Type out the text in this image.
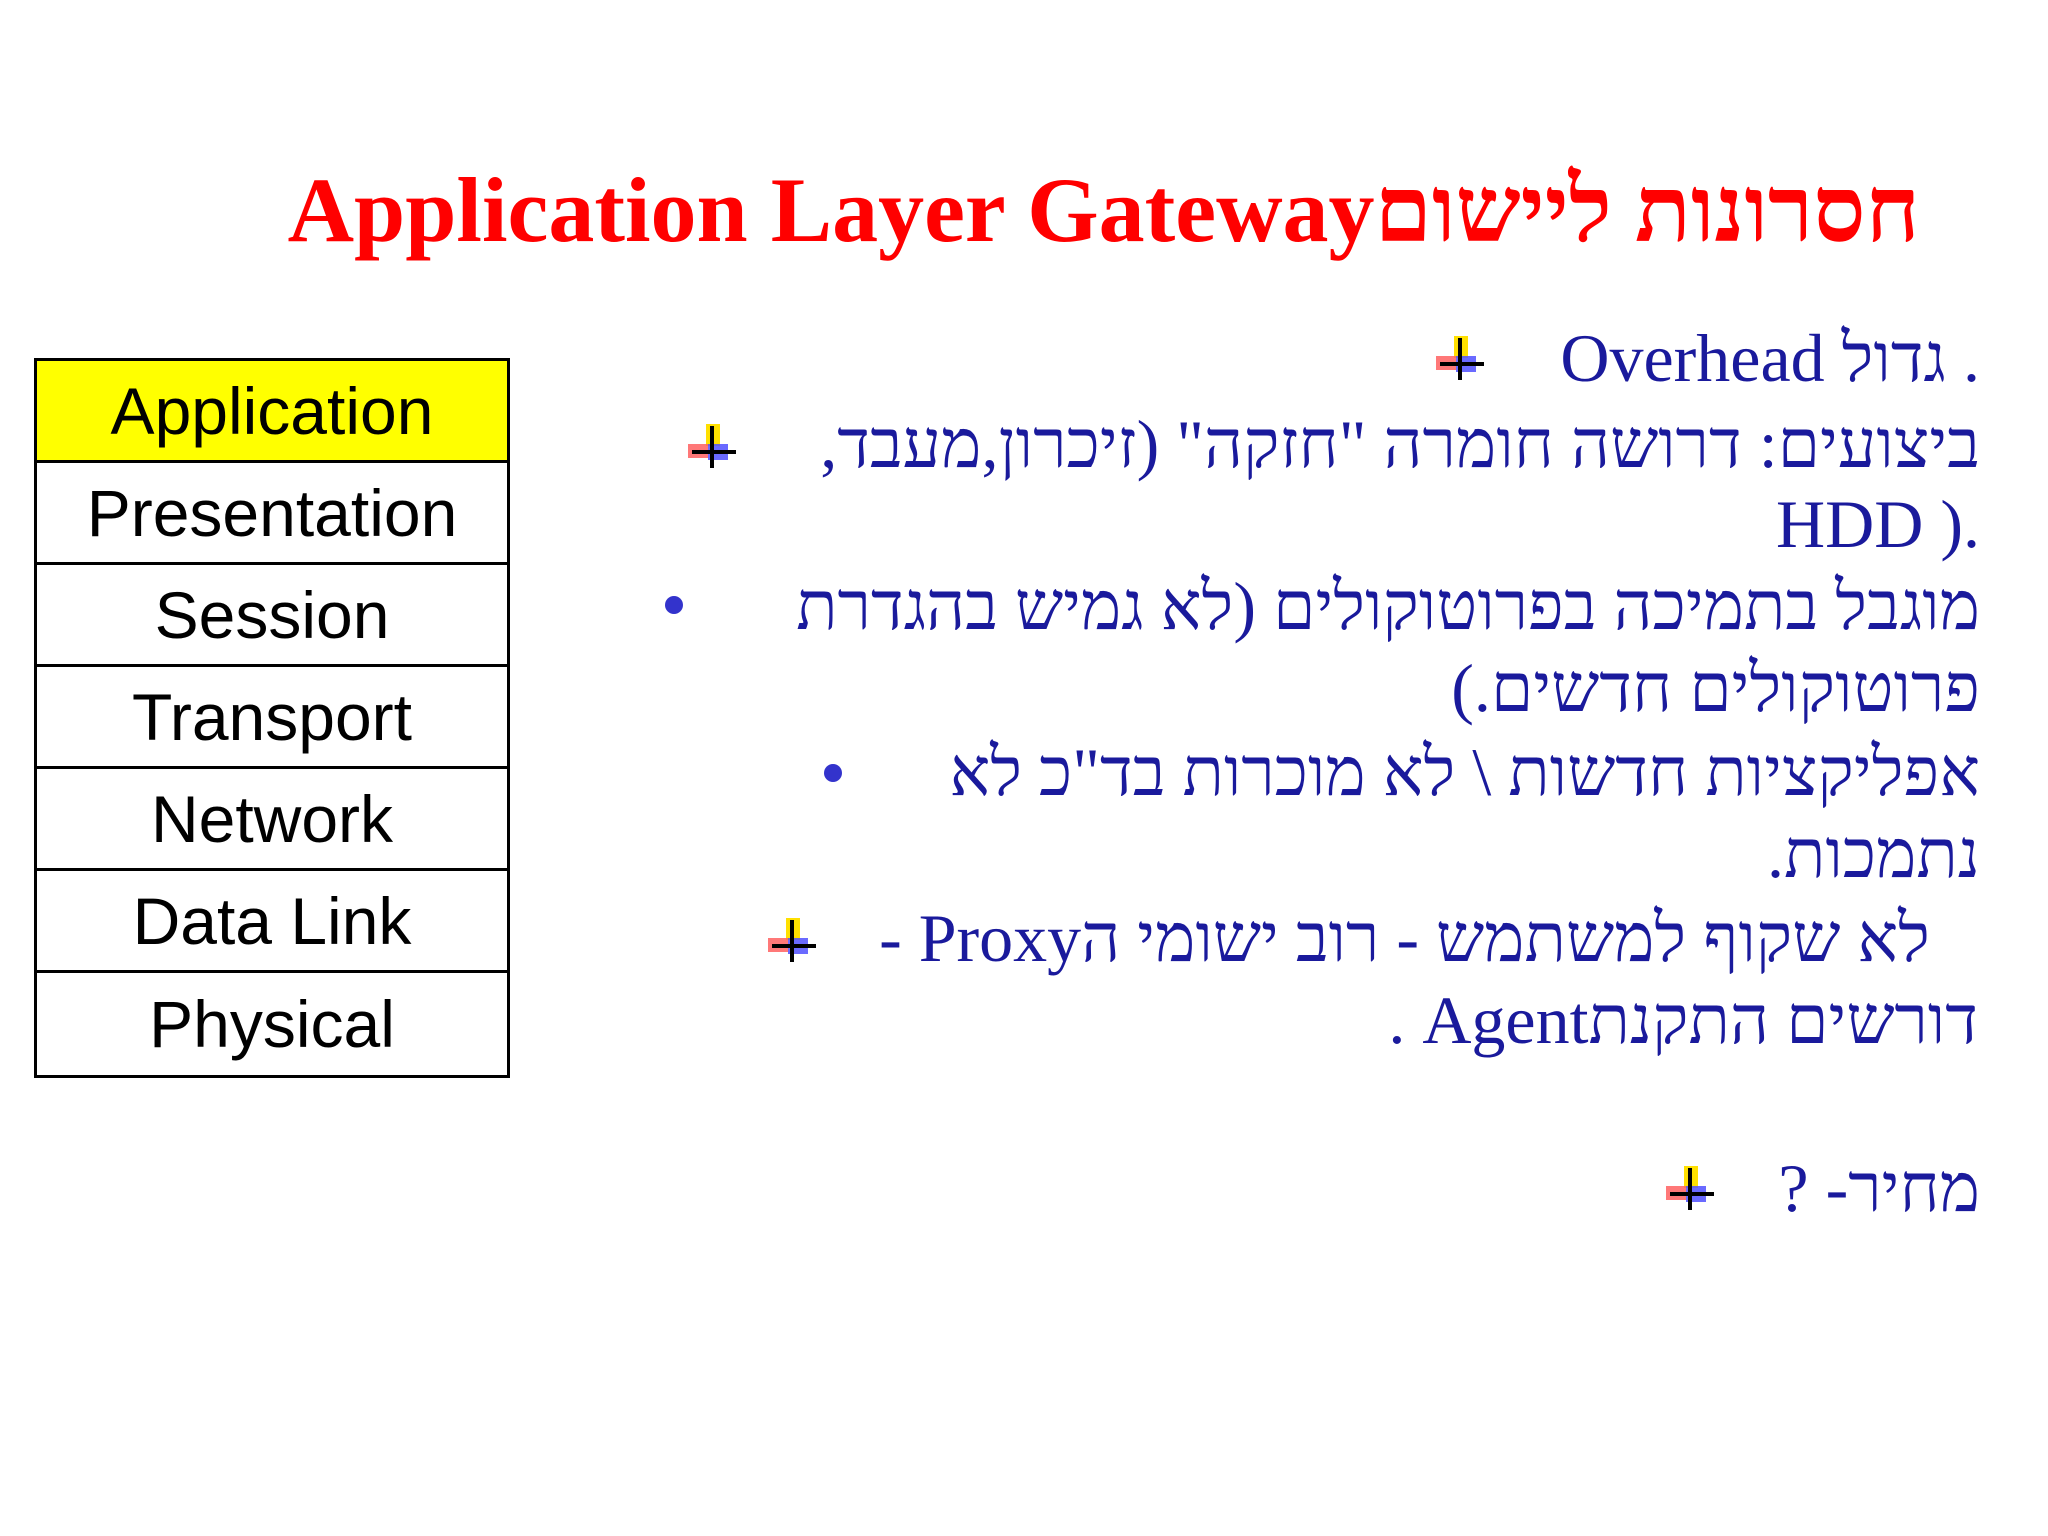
חסרונות ליישוםApplication Layer Gateway
Application
Presentation
Session
Transport
Network
Data Link
Physical
Overhead גדול .
ביצועים: דרושה חומרה "חזקה" (זיכרון,מעבד,
HDD ).
מוגבל בתמיכה בפרוטוקולים (לא גמיש בהגדרת
פרוטוקולים חדשים.)
אפליקציות חדשות \ לא מוכרות בד"כ לא
נתמכות.
לא שקוף למשתמש - רוב ישומי הProxy -
דורשים התקנתAgent .
מחיר- ?
